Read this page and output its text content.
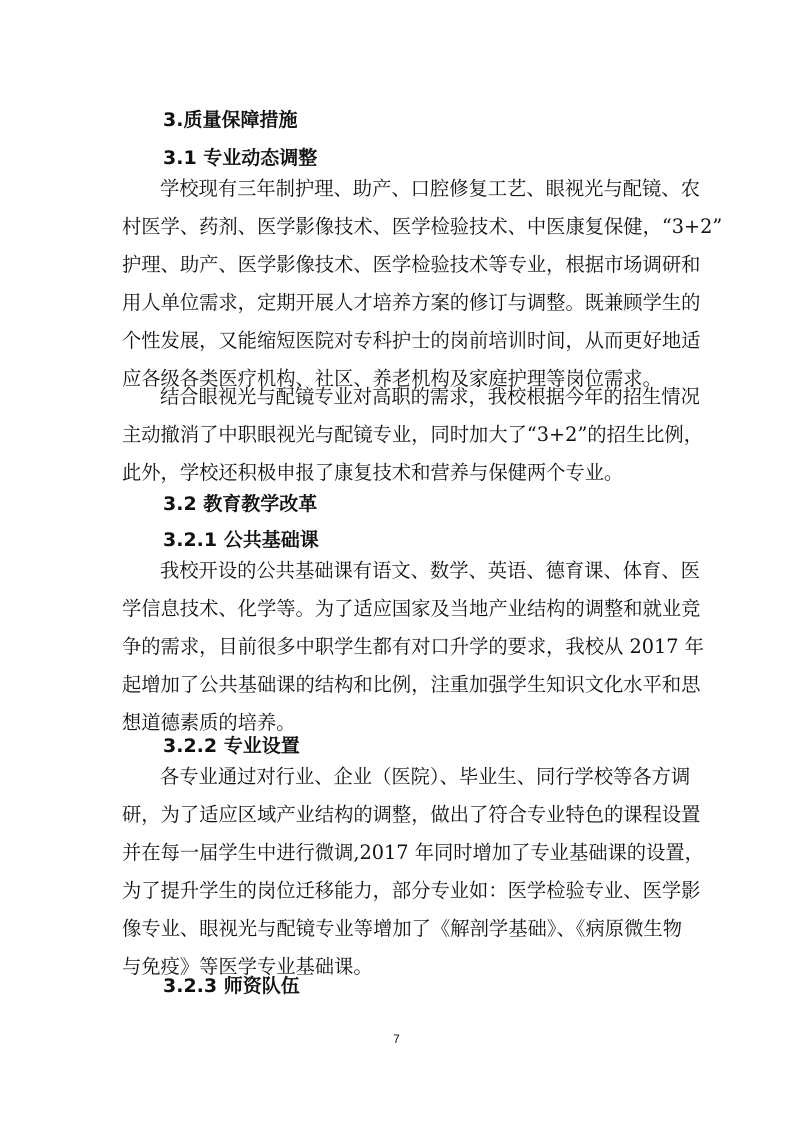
3.质量保障措施
3.1 专业动态调整

学校现有三年制护理、助产、口腔修复工艺、眼视光与配镜、农
村医学、药剂、医学影像技术、医学检验技术、中医康复保健，“3+2”
护理、助产、医学影像技术、医学检验技术等专业，根据市场调研和
用人单位需求，定期开展人才培养方案的修订与调整。既兼顾学生的
个性发展，又能缩短医院对专科护士的岗前培训时间，从而更好地适
应各级各类医疗机构、社区、养老机构及家庭护理等岗位需求。

结合眼视光与配镜专业对高职的需求，我校根据今年的招生情况
主动撤消了中职眼视光与配镜专业，同时加大了“3+2”的招生比例，
此外，学校还积极申报了康复技术和营养与保健两个专业。

3.2 教育教学改革
3.2.1 公共基础课

我校开设的公共基础课有语文、数学、英语、德育课、体育、医
学信息技术、化学等。为了适应国家及当地产业结构的调整和就业竞
争的需求，目前很多中职学生都有对口升学的要求，我校从 2017 年
起增加了公共基础课的结构和比例，注重加强学生知识文化水平和思
想道德素质的培养。

3.2.2 专业设置

各专业通过对行业、企业（医院）、毕业生、同行学校等各方调
研，为了适应区域产业结构的调整，做出了符合专业特色的课程设置
并在每一届学生中进行微调,2017 年同时增加了专业基础课的设置，
为了提升学生的岗位迁移能力，部分专业如：医学检验专业、医学影
像专业、眼视光与配镜专业等增加了《解剖学基础》、《病原微生物
与免疫》等医学专业基础课。

3.2.3 师资队伍
7
